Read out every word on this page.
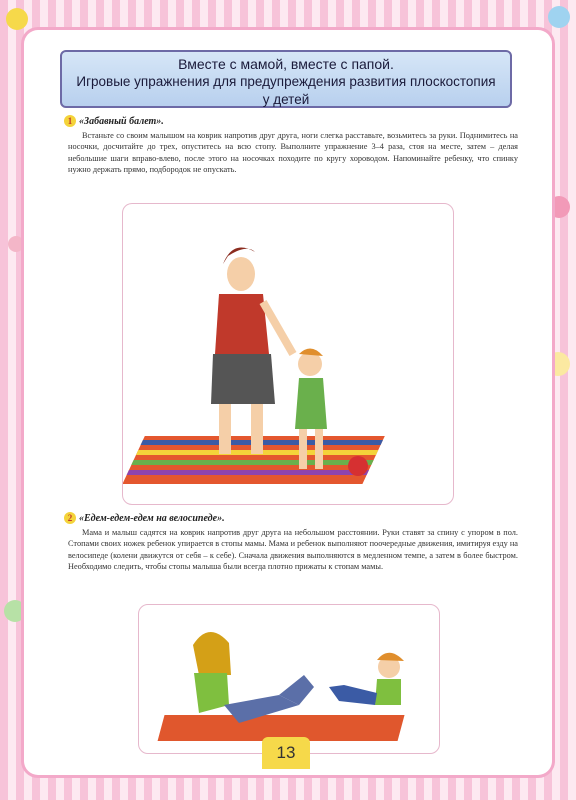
Вместе с мамой, вместе с папой.
Игровые упражнения для предупреждения развития плоскостопия
у детей
1 «Забавный балет».
Встаньте со своим малышом на коврик напротив друг друга, ноги слегка расставьте, возьмитесь за руки. Поднимитесь на носочки, досчитайте до трех, опуститесь на всю стопу. Выполните упражнение 3–4 раза, стоя на месте, затем – делая небольшие шаги вправо-влево, после этого на носочках походите по кругу хороводом. Напоминайте ребенку, что спинку нужно держать прямо, подбородок не опускать.
2 «Едем-едем-едем на велосипеде».
Мама и малыш садятся на коврик напротив друг друга на небольшом расстоянии. Руки ставят за спину с упором в пол. Стопами своих ножек ребенок упирается в стопы мамы. Мама и ребенок выполняют поочередные движения, имитируя езду на велосипеде (колени движутся от себя – к себе). Сначала движения выполняются в медленном темпе, а затем в более быстром. Необходимо следить, чтобы стопы малыша были всегда плотно прижаты к стопам мамы.
13
